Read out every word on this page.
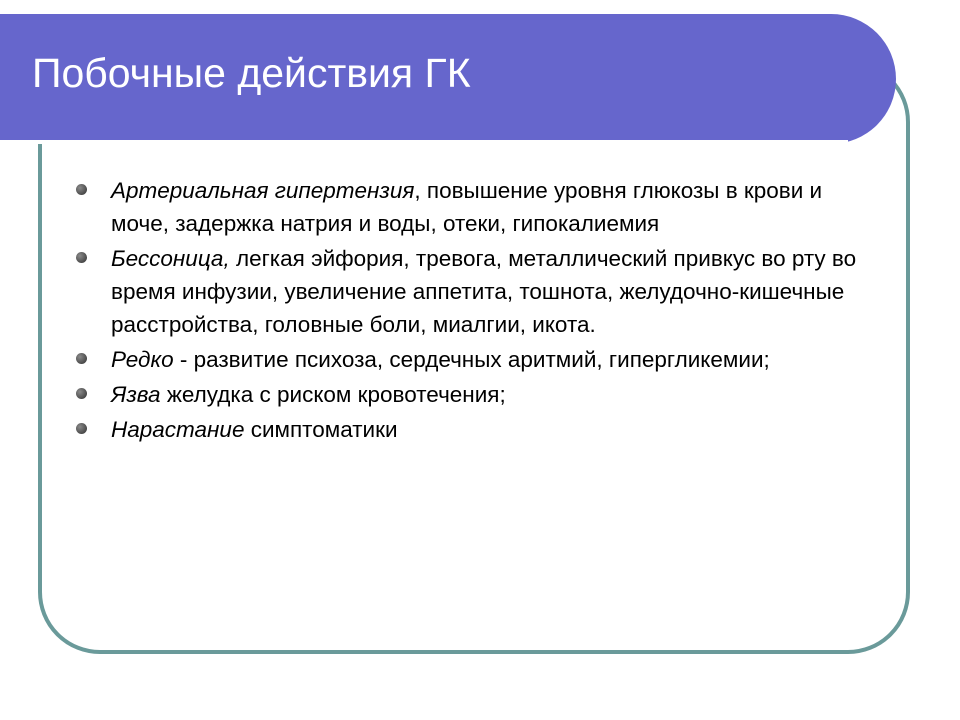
Побочные действия ГК
Артериальная гипертензия, повышение уровня глюкозы в крови и моче, задержка натрия и воды, отеки, гипокалиемия
Бессоница, легкая эйфория, тревога, металлический привкус во рту во время инфузии, увеличение аппетита, тошнота, желудочно-кишечные расстройства, головные боли, миалгии, икота.
Редко - развитие психоза, сердечных аритмий, гипергликемии;
Язва желудка с риском кровотечения;
Нарастание симптоматики
